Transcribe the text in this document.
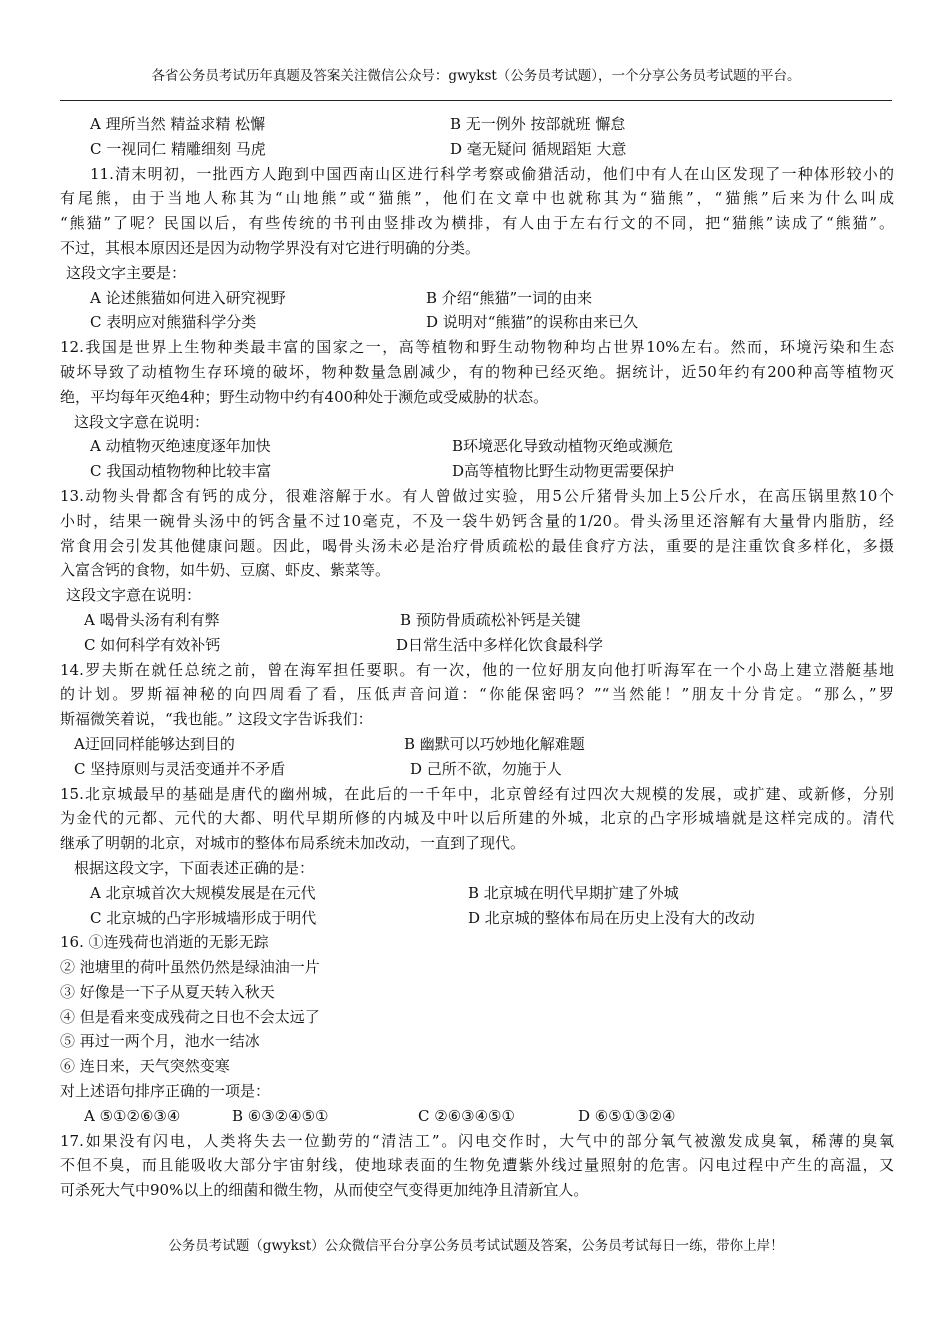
各省公务员考试历年真题及答案关注微信公众号：gwykst（公务员考试题），一个分享公务员考试题的平台。
A 理所当然 精益求精 松懈	B 无一例外 按部就班 懈怠
C 一视同仁 精雕细刻 马虎	D 毫无疑问 循规蹈矩 大意
11.清末明初，一批西方人跑到中国西南山区进行科学考察或偷猎活动，他们中有人在山区发现了一种体形较小的
有尾熊，由于当地人称其为“山地熊”或“猫熊”，他们在文章中也就称其为“猫熊”，“猫熊”后来为什么叫成
“熊猫”了呢？民国以后，有些传统的书刊由竖排改为横排，有人由于左右行文的不同，把“猫熊”读成了“熊猫”。
不过，其根本原因还是因为动物学界没有对它进行明确的分类。
这段文字主要是：
A 论述熊猫如何进入研究视野	B 介绍“熊猫”一词的由来
C 表明应对熊猫科学分类	D 说明对“熊猫”的误称由来已久
12.我国是世界上生物种类最丰富的国家之一，高等植物和野生动物物种均占世界10%左右。然而，环境污染和生态
破坏导致了动植物生存环境的破坏，物种数量急剧减少，有的物种已经灭绝。据统计，近50年约有200种高等植物灭
绝，平均每年灭绝4种；野生动物中约有400种处于濒危或受威胁的状态。
这段文字意在说明：
A 动植物灭绝速度逐年加快	B环境恶化导致动植物灭绝或濒危
C 我国动植物物种比较丰富	D高等植物比野生动物更需要保护
13.动物头骨都含有钙的成分，很难溶解于水。有人曾做过实验，用5公斤猪骨头加上5公斤水，在高压锅里熬10个
小时，结果一碗骨头汤中的钙含量不过10毫克，不及一袋牛奶钙含量的1/20。骨头汤里还溶解有大量骨内脂肪，经
常食用会引发其他健康问题。因此，喝骨头汤未必是治疗骨质疏松的最佳食疗方法，重要的是注重饮食多样化，多摄
入富含钙的食物，如牛奶、豆腐、虾皮、紫菜等。
这段文字意在说明：
A 喝骨头汤有利有弊	B 预防骨质疏松补钙是关键
C 如何科学有效补钙	D日常生活中多样化饮食最科学
14.罗夫斯在就任总统之前，曾在海军担任要职。有一次，他的一位好朋友向他打听海军在一个小岛上建立潜艇基地
的计划。罗斯福神秘的向四周看了看，压低声音问道：“你能保密吗？”“当然能！”朋友十分肯定。“那么，”罗
斯福微笑着说，“我也能。” 这段文字告诉我们：
A迂回同样能够达到目的	B 幽默可以巧妙地化解难题
C 坚持原则与灵活变通并不矛盾	D 己所不欲，勿施于人
15.北京城最早的基础是唐代的幽州城，在此后的一千年中，北京曾经有过四次大规模的发展，或扩建、或新修，分别
为金代的元都、元代的大都、明代早期所修的内城及中叶以后所建的外城，北京的凸字形城墙就是这样完成的。清代
继承了明朝的北京，对城市的整体布局系统未加改动，一直到了现代。
根据这段文字，下面表述正确的是：
A 北京城首次大规模发展是在元代	B 北京城在明代早期扩建了外城
C 北京城的凸字形城墙形成于明代	D 北京城的整体布局在历史上没有大的改动
16. ①连残荷也消逝的无影无踪
② 池塘里的荷叶虽然仍然是绿油油一片
③ 好像是一下子从夏天转入秋天
④ 但是看来变成残荷之日也不会太远了
⑤ 再过一两个月，池水一结冰
⑥ 连日来，天气突然变寒
对上述语句排序正确的一项是：
A ⑤①②⑥③④	B ⑥③②④⑤①	C ②⑥③④⑤①	D ⑥⑤①③②④
17.如果没有闪电，人类将失去一位勤劳的“清洁工”。闪电交作时，大气中的部分氧气被激发成臭氧，稀薄的臭氧
不但不臭，而且能吸收大部分宇宙射线，使地球表面的生物免遭紫外线过量照射的危害。闪电过程中产生的高温，又
可杀死大气中90%以上的细菌和微生物，从而使空气变得更加纯净且清新宜人。
公务员考试题（gwykst）公众微信平台分享公务员考试试题及答案，公务员考试每日一练，带你上岸！
